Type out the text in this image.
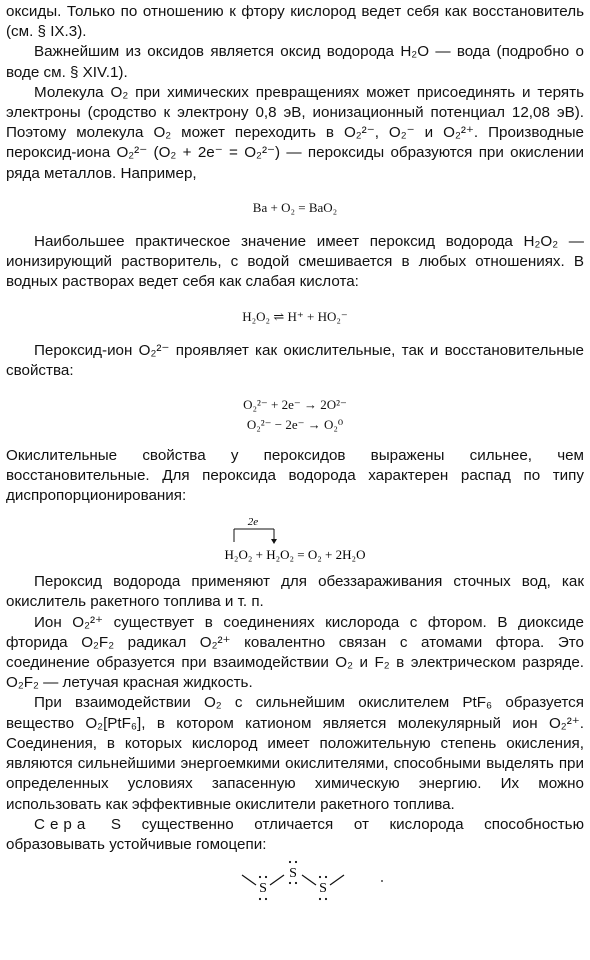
оксиды. Только по отношению к фтору кислород ведет себя как восстановитель (см. § IX.3).

Важнейшим из оксидов является оксид водорода H₂O — вода (подробно о воде см. § XIV.1).

Молекула O₂ при химических превращениях может присоединять и терять электроны (сродство к электрону 0,8 эВ, ионизационный потенциал 12,08 эВ). Поэтому молекула O₂ может переходить в O₂²⁻, O₂⁻ и O₂²⁺. Производные пероксид-иона O₂²⁻ (O₂ + 2e⁻ = O₂²⁻) — пероксиды образуются при окислении ряда металлов. Например,

Ba + O₂ = BaO₂

Наибольшее практическое значение имеет пероксид водорода H₂O₂ — ионизирующий растворитель, с водой смешивается в любых отношениях. В водных растворах ведет себя как слабая кислота:

H₂O₂ ⇌ H⁺ + HO₂⁻

Пероксид-ион O₂²⁻ проявляет как окислительные, так и восстановительные свойства:

O₂²⁻ + 2e⁻ → 2O²⁻

O₂²⁻ − 2e⁻ → O₂⁰

Окислительные свойства у пероксидов выражены сильнее, чем восстановительные. Для пероксида водорода характерен распад по типу диспропорционирования:

2e
H₂O₂ + H₂O₂ = O₂ + 2H₂O

Пероксид водорода применяют для обеззараживания сточных вод, как окислитель ракетного топлива и т. п.

Ион O₂²⁺ существует в соединениях кислорода с фтором. В диоксиде фторида O₂F₂ радикал O₂²⁺ ковалентно связан с атомами фтора. Это соединение образуется при взаимодействии O₂ и F₂ в электрическом разряде. O₂F₂ — летучая красная жидкость.

При взаимодействии O₂ с сильнейшим окислителем PtF₆ образуется вещество O₂[PtF₆], в котором катионом является молекулярный ион O₂²⁺. Соединения, в которых кислород имеет положительную степень окисления, являются сильнейшими энергоемкими окислителями, способными выделять при определенных условиях запасенную химическую энергию. Их можно использовать как эффективные окислители ракетного топлива.

Сера S существенно отличается от кислорода способностью образовывать устойчивые гомоцепи:

S
S
S
